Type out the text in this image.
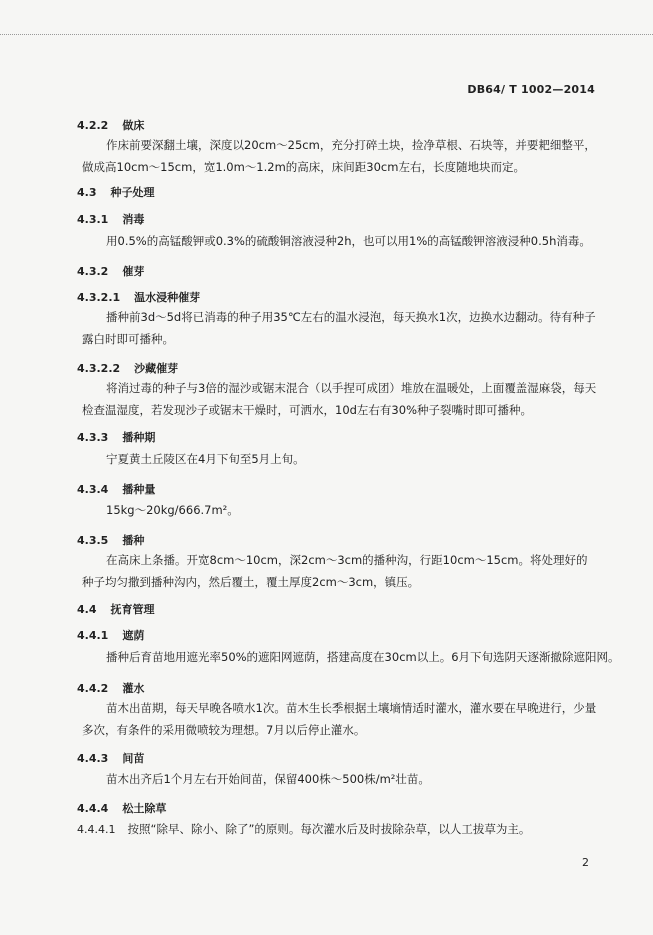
DB64/ T 1002—2014
4.2.2 做床
作床前要深翻土壤，深度以20cm～25cm，充分打碎土块，捡净草根、石块等，并要耙细整平，做成高10cm～15cm，宽1.0m～1.2m的高床，床间距30cm左右，长度随地块而定。
4.3 种子处理
4.3.1 消毒
用0.5%的高锰酸钾或0.3%的硫酸铜溶液浸种2h，也可以用1%的高锰酸钾溶液浸种0.5h消毒。
4.3.2 催芽
4.3.2.1 温水浸种催芽
播种前3d～5d将已消毒的种子用35℃左右的温水浸泡，每天换水1次，边换水边翻动。待有种子露白时即可播种。
4.3.2.2 沙藏催芽
将消过毒的种子与3倍的湿沙或锯末混合（以手捏可成团）堆放在温暖处，上面覆盖湿麻袋，每天检查温湿度，若发现沙子或锯末干燥时，可洒水，10d左右有30%种子裂嘴时即可播种。
4.3.3 播种期
宁夏黄土丘陵区在4月下旬至5月上旬。
4.3.4 播种量
15kg～20kg/666.7m²。
4.3.5 播种
在高床上条播。开宽8cm～10cm，深2cm～3cm的播种沟，行距10cm～15cm。将处理好的种子均匀撒到播种沟内，然后覆土，覆土厚度2cm～3cm，镇压。
4.4 抚育管理
4.4.1 遮荫
播种后育苗地用遮光率50%的遮阳网遮荫，搭建高度在30cm以上。6月下旬选阴天逐渐撤除遮阳网。
4.4.2 灌水
苗木出苗期，每天早晚各喷水1次。苗木生长季根据土壤墒情适时灌水，灌水要在早晚进行，少量多次，有条件的采用微喷较为理想。7月以后停止灌水。
4.4.3 间苗
苗木出齐后1个月左右开始间苗，保留400株～500株/m²壮苗。
4.4.4 松土除草
4.4.4.1 按照“除早、除小、除了”的原则。每次灌水后及时拔除杂草，以人工拔草为主。
2
